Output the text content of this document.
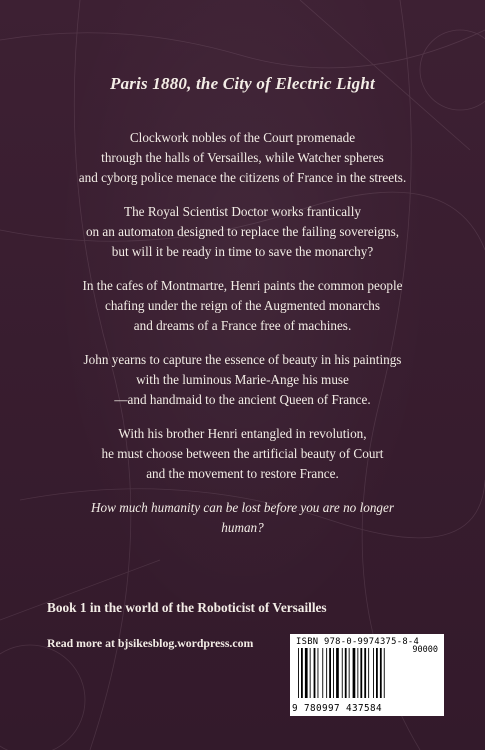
Paris 1880, the City of Electric Light

Clockwork nobles of the Court promenade
through the halls of Versailles, while Watcher spheres
and cyborg police menace the citizens of France in the streets.

The Royal Scientist Doctor works frantically
on an automaton designed to replace the failing sovereigns,
but will it be ready in time to save the monarchy?

In the cafes of Montmartre, Henri paints the common people
chafing under the reign of the Augmented monarchs
and dreams of a France free of machines.

John yearns to capture the essence of beauty in his paintings
with the luminous Marie-Ange his muse
—and handmaid to the ancient Queen of France.

With his brother Henri entangled in revolution,
he must choose between the artificial beauty of Court
and the movement to restore France.

How much humanity can be lost before you are no longer
human?

Book 1 in the world of the Roboticist of Versailles
Read more at bjsikesblog.wordpress.com	ISBN 978-0-9974375-8-4
90000
9 780997 437584
